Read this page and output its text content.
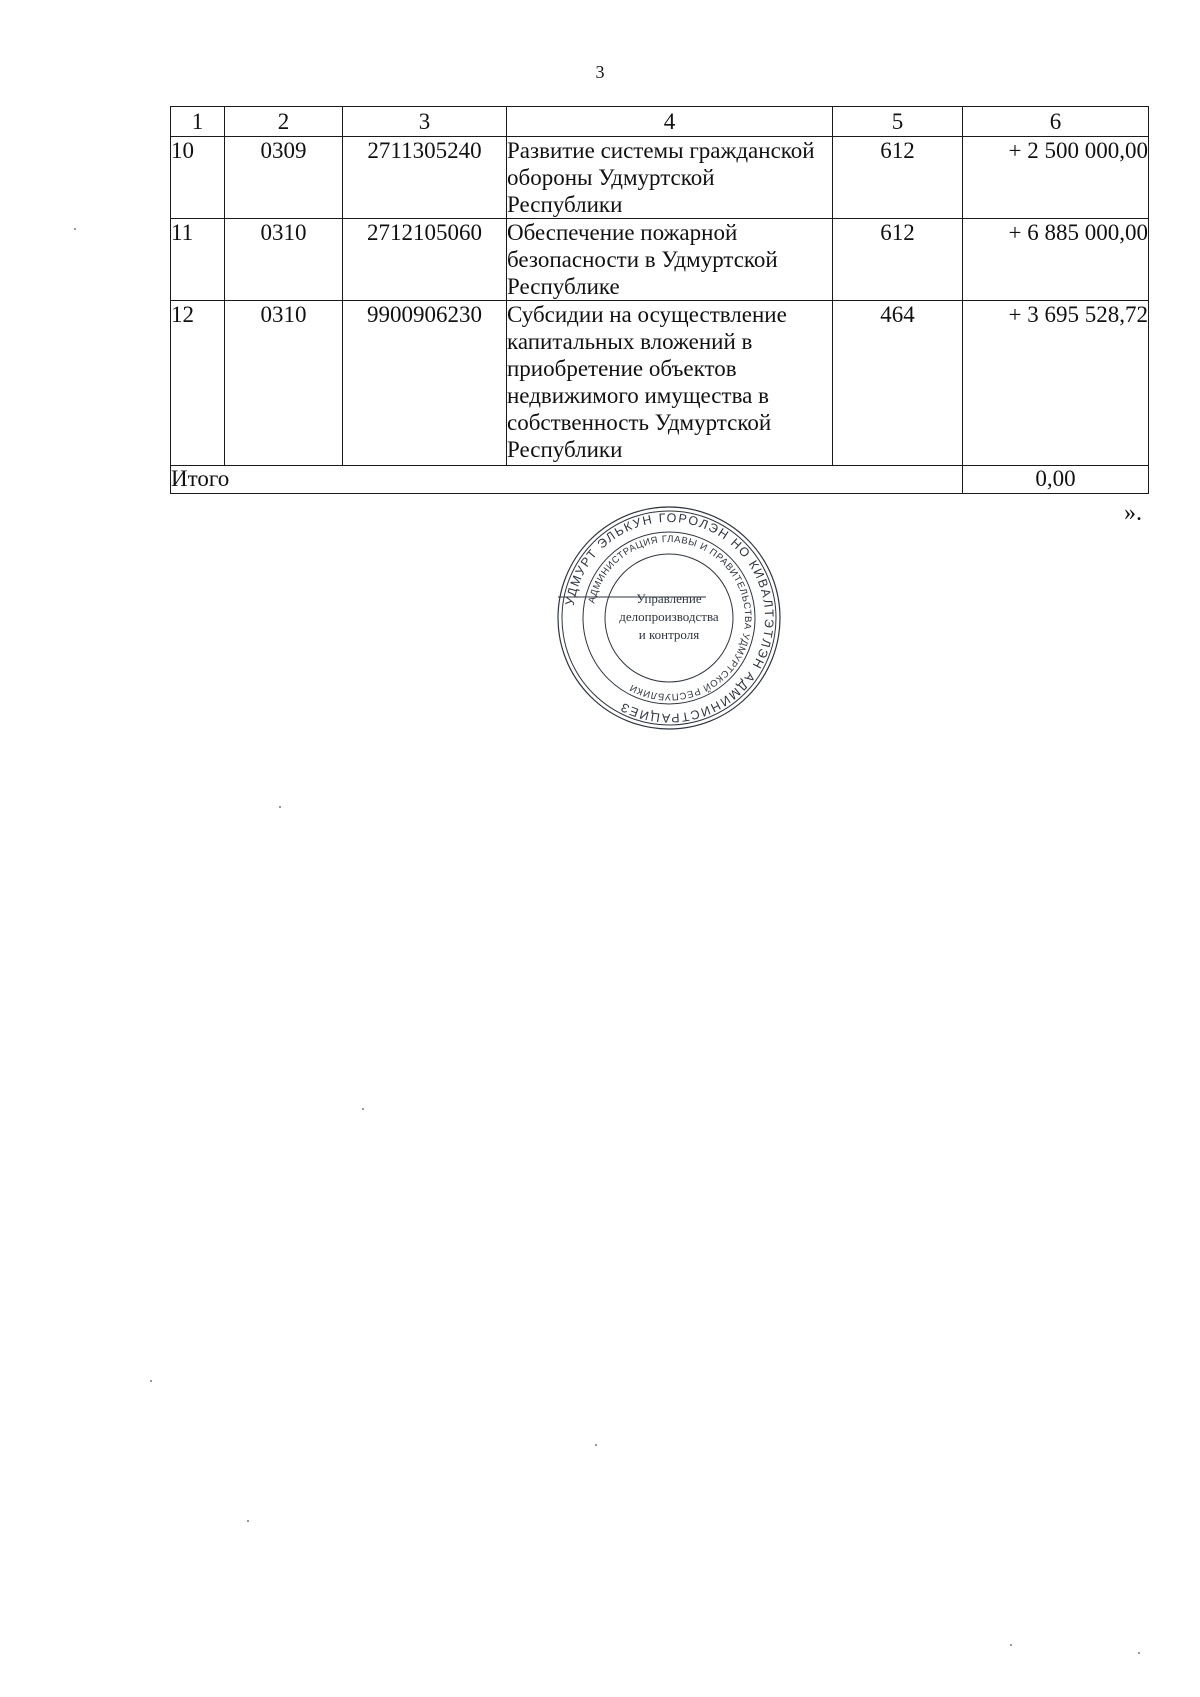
3
1	2	3	4	5	6
10	0309	2711305240	Развитие системы гражданской обороны Удмуртской Республики	612	+ 2 500 000,00
11	0310	2712105060	Обеспечение пожарной безопасности в Удмуртской Республике	612	+ 6 885 000,00
12	0310	9900906230	Субсидии на осуществление капитальных вложений в приобретение объектов недвижимого имущества в собственность Удмуртской Республики	464	+ 3 695 528,72
Итого					0,00
».
УДМУРТ ЭЛЬКУН ГОРОЛЭН НО КИВАЛТЭТЛЭН АДМИНИСТРАЦИЕЗ
АДМИНИСТРАЦИЯ ГЛАВЫ И ПРАВИТЕЛЬСТВА УДМУРТСКОЙ РЕСПУБЛИКИ
Управление
делопроизводства
и контроля
